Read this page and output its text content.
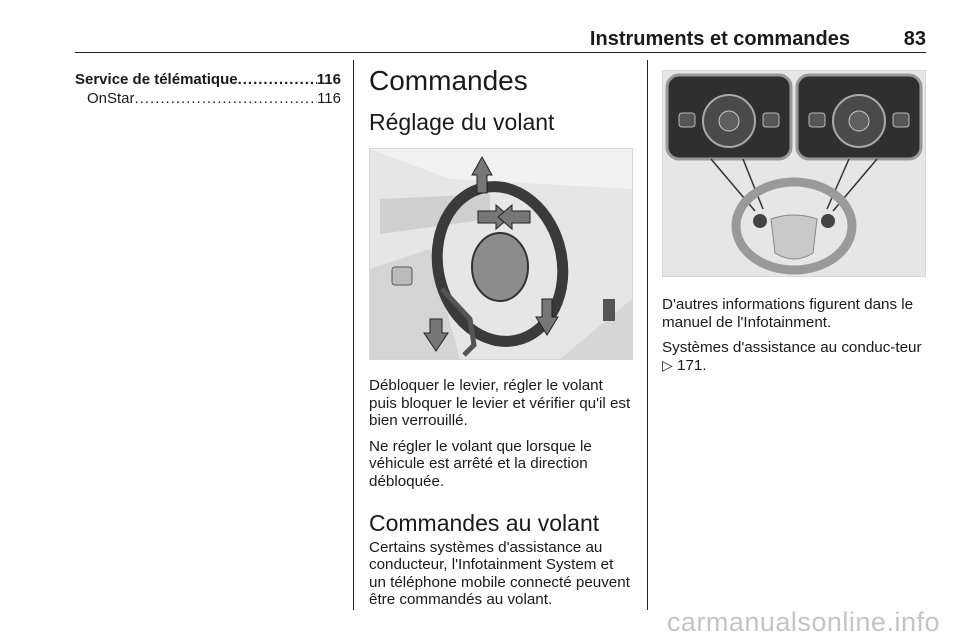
Instruments et commandes	83
Service de télématique .....	116
OnStar .....	116
Commandes
Réglage du volant

Débloquer le levier, régler le volant puis bloquer le levier et vérifier qu'il est bien verrouillé.

Ne régler le volant que lorsque le véhicule est arrêté et la direction débloquée.

Commandes au volant

Certains systèmes d'assistance au conducteur, l'Infotainment System et un téléphone mobile connecté peuvent être commandés au volant.

D'autres informations figurent dans le manuel de l'Infotainment.

Systèmes d'assistance au conduc-teur ▷ 171.

carmanualsonline.info
